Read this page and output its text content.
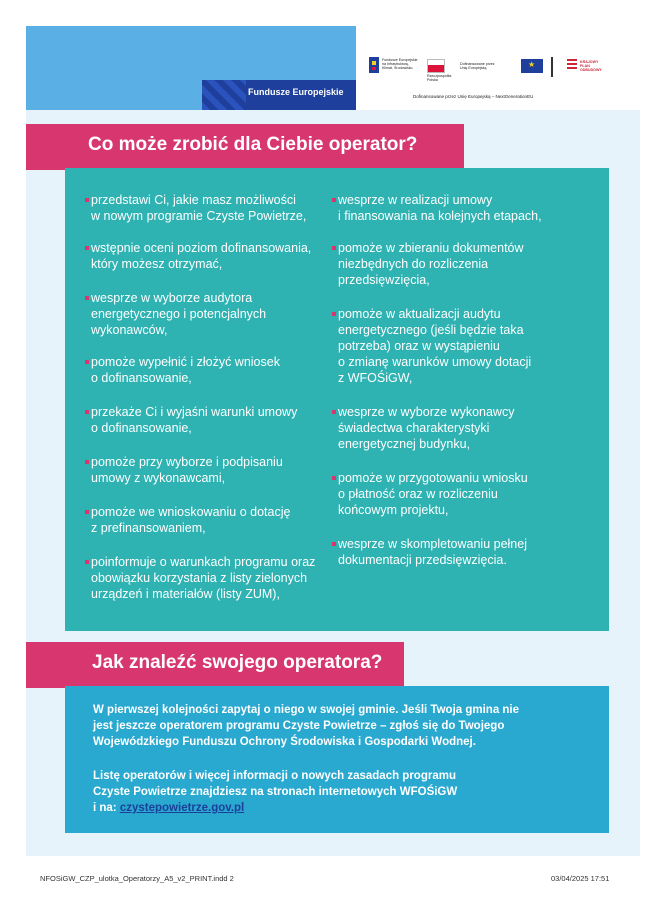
Fundusze Europejskie
Fundusze Europejskie
na Infrastrukturę,
Klimat, Środowisko
Rzeczpospolita
Polska
Dofinansowane przez
Unię Europejską
★
KRAJOWY
PLAN
ODBUDOWY
Dofinansowane przez Unię Europejską – NextGenerationEU
Co może zrobić dla Ciebie operator?
przedstawi Ci, jakie masz możliwości
w nowym programie Czyste Powietrze,
wstępnie oceni poziom dofinansowania,
który możesz otrzymać,
wesprze w wyborze audytora
energetycznego i potencjalnych
wykonawców,
pomoże wypełnić i złożyć wniosek
o dofinansowanie,
przekaże Ci i wyjaśni warunki umowy
o dofinansowanie,
pomoże przy wyborze i podpisaniu
umowy z wykonawcami,
pomoże we wnioskowaniu o dotację
z prefinansowaniem,
poinformuje o warunkach programu oraz
obowiązku korzystania z listy zielonych
urządzeń i materiałów (listy ZUM),
wesprze w realizacji umowy
i finansowania na kolejnych etapach,
pomoże w zbieraniu dokumentów
niezbędnych do rozliczenia
przedsięwzięcia,
pomoże w aktualizacji audytu
energetycznego (jeśli będzie taka
potrzeba) oraz w wystąpieniu
o zmianę warunków umowy dotacji
z WFOŚiGW,
wesprze w wyborze wykonawcy
świadectwa charakterystyki
energetycznej budynku,
pomoże w przygotowaniu wniosku
o płatność oraz w rozliczeniu
końcowym projektu,
wesprze w skompletowaniu pełnej
dokumentacji przedsięwzięcia.
Jak znaleźć swojego operatora?
W pierwszej kolejności zapytaj o niego w swojej gminie. Jeśli Twoja gmina nie
jest jeszcze operatorem programu Czyste Powietrze – zgłoś się do Twojego
Wojewódzkiego Funduszu Ochrony Środowiska i Gospodarki Wodnej.
Listę operatorów i więcej informacji o nowych zasadach programu
Czyste Powietrze znajdziesz na stronach internetowych WFOŚiGW
i na: czystepowietrze.gov.pl
NFOSiGW_CZP_ulotka_Operatorzy_A5_v2_PRINT.indd 2	03/04/2025 17:51
